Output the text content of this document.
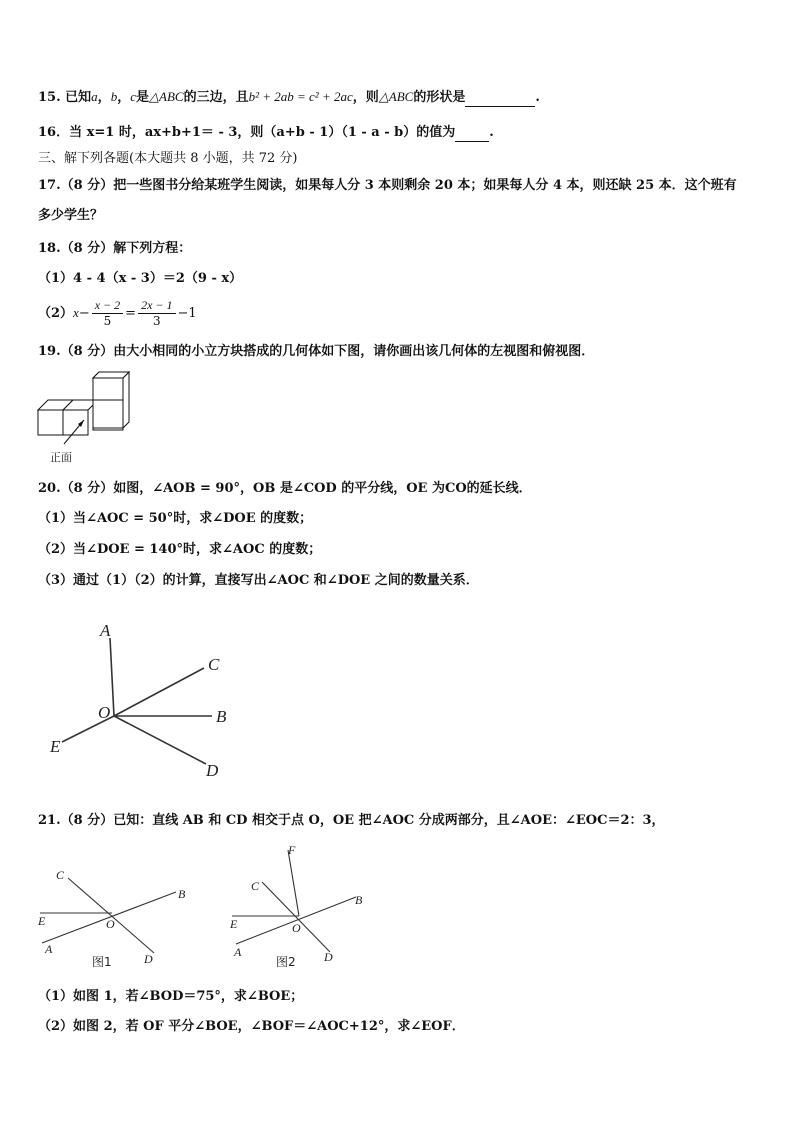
15. 已知a，b，c是△ABC的三边，且b² + 2ab = c² + 2ac，则△ABC的形状是	.
16．当 x=1 时，ax+b+1＝ - 3，则（a+b - 1）（1 - a - b）的值为	.
三、解下列各题(本大题共 8 小题，共 72 分)
17.（8 分）把一些图书分给某班学生阅读，如果每人分 3 本则剩余 20 本；如果每人分 4 本，则还缺 25 本．这个班有
多少学生？
18.（8 分）解下列方程：
（1）4 - 4（x - 3）＝2（9 - x）
$(2)x- \frac{x - 2}{5} = \frac{2x - 1}{3} -1$
19.（8 分）由大小相同的小立方块搭成的几何体如下图，请你画出该几何体的左视图和俯视图．
正面
20.（8 分）如图，∠AOB = 90°，OB 是∠COD 的平分线，OE 为CO的延长线．
（1）当∠AOC = 50°时，求∠DOE 的度数；
（2）当∠DOE = 140°时，求∠AOC 的度数；
（3）通过（1）（2）的计算，直接写出∠AOC 和∠DOE 之间的数量关系．
A
C
O	B
E
D
21.（8 分）已知：直线 AB 和 CD 相交于点 O，OE 把∠AOC 分成两部分，且∠AOE：∠EOC＝2：3，
C
B
E	O
A
D
图1
F
C
B
E	O
A	D
图2
（1）如图 1，若∠BOD＝75°，求∠BOE；
（2）如图 2，若 OF 平分∠BOE，∠BOF＝∠AOC+12°，求∠EOF．
